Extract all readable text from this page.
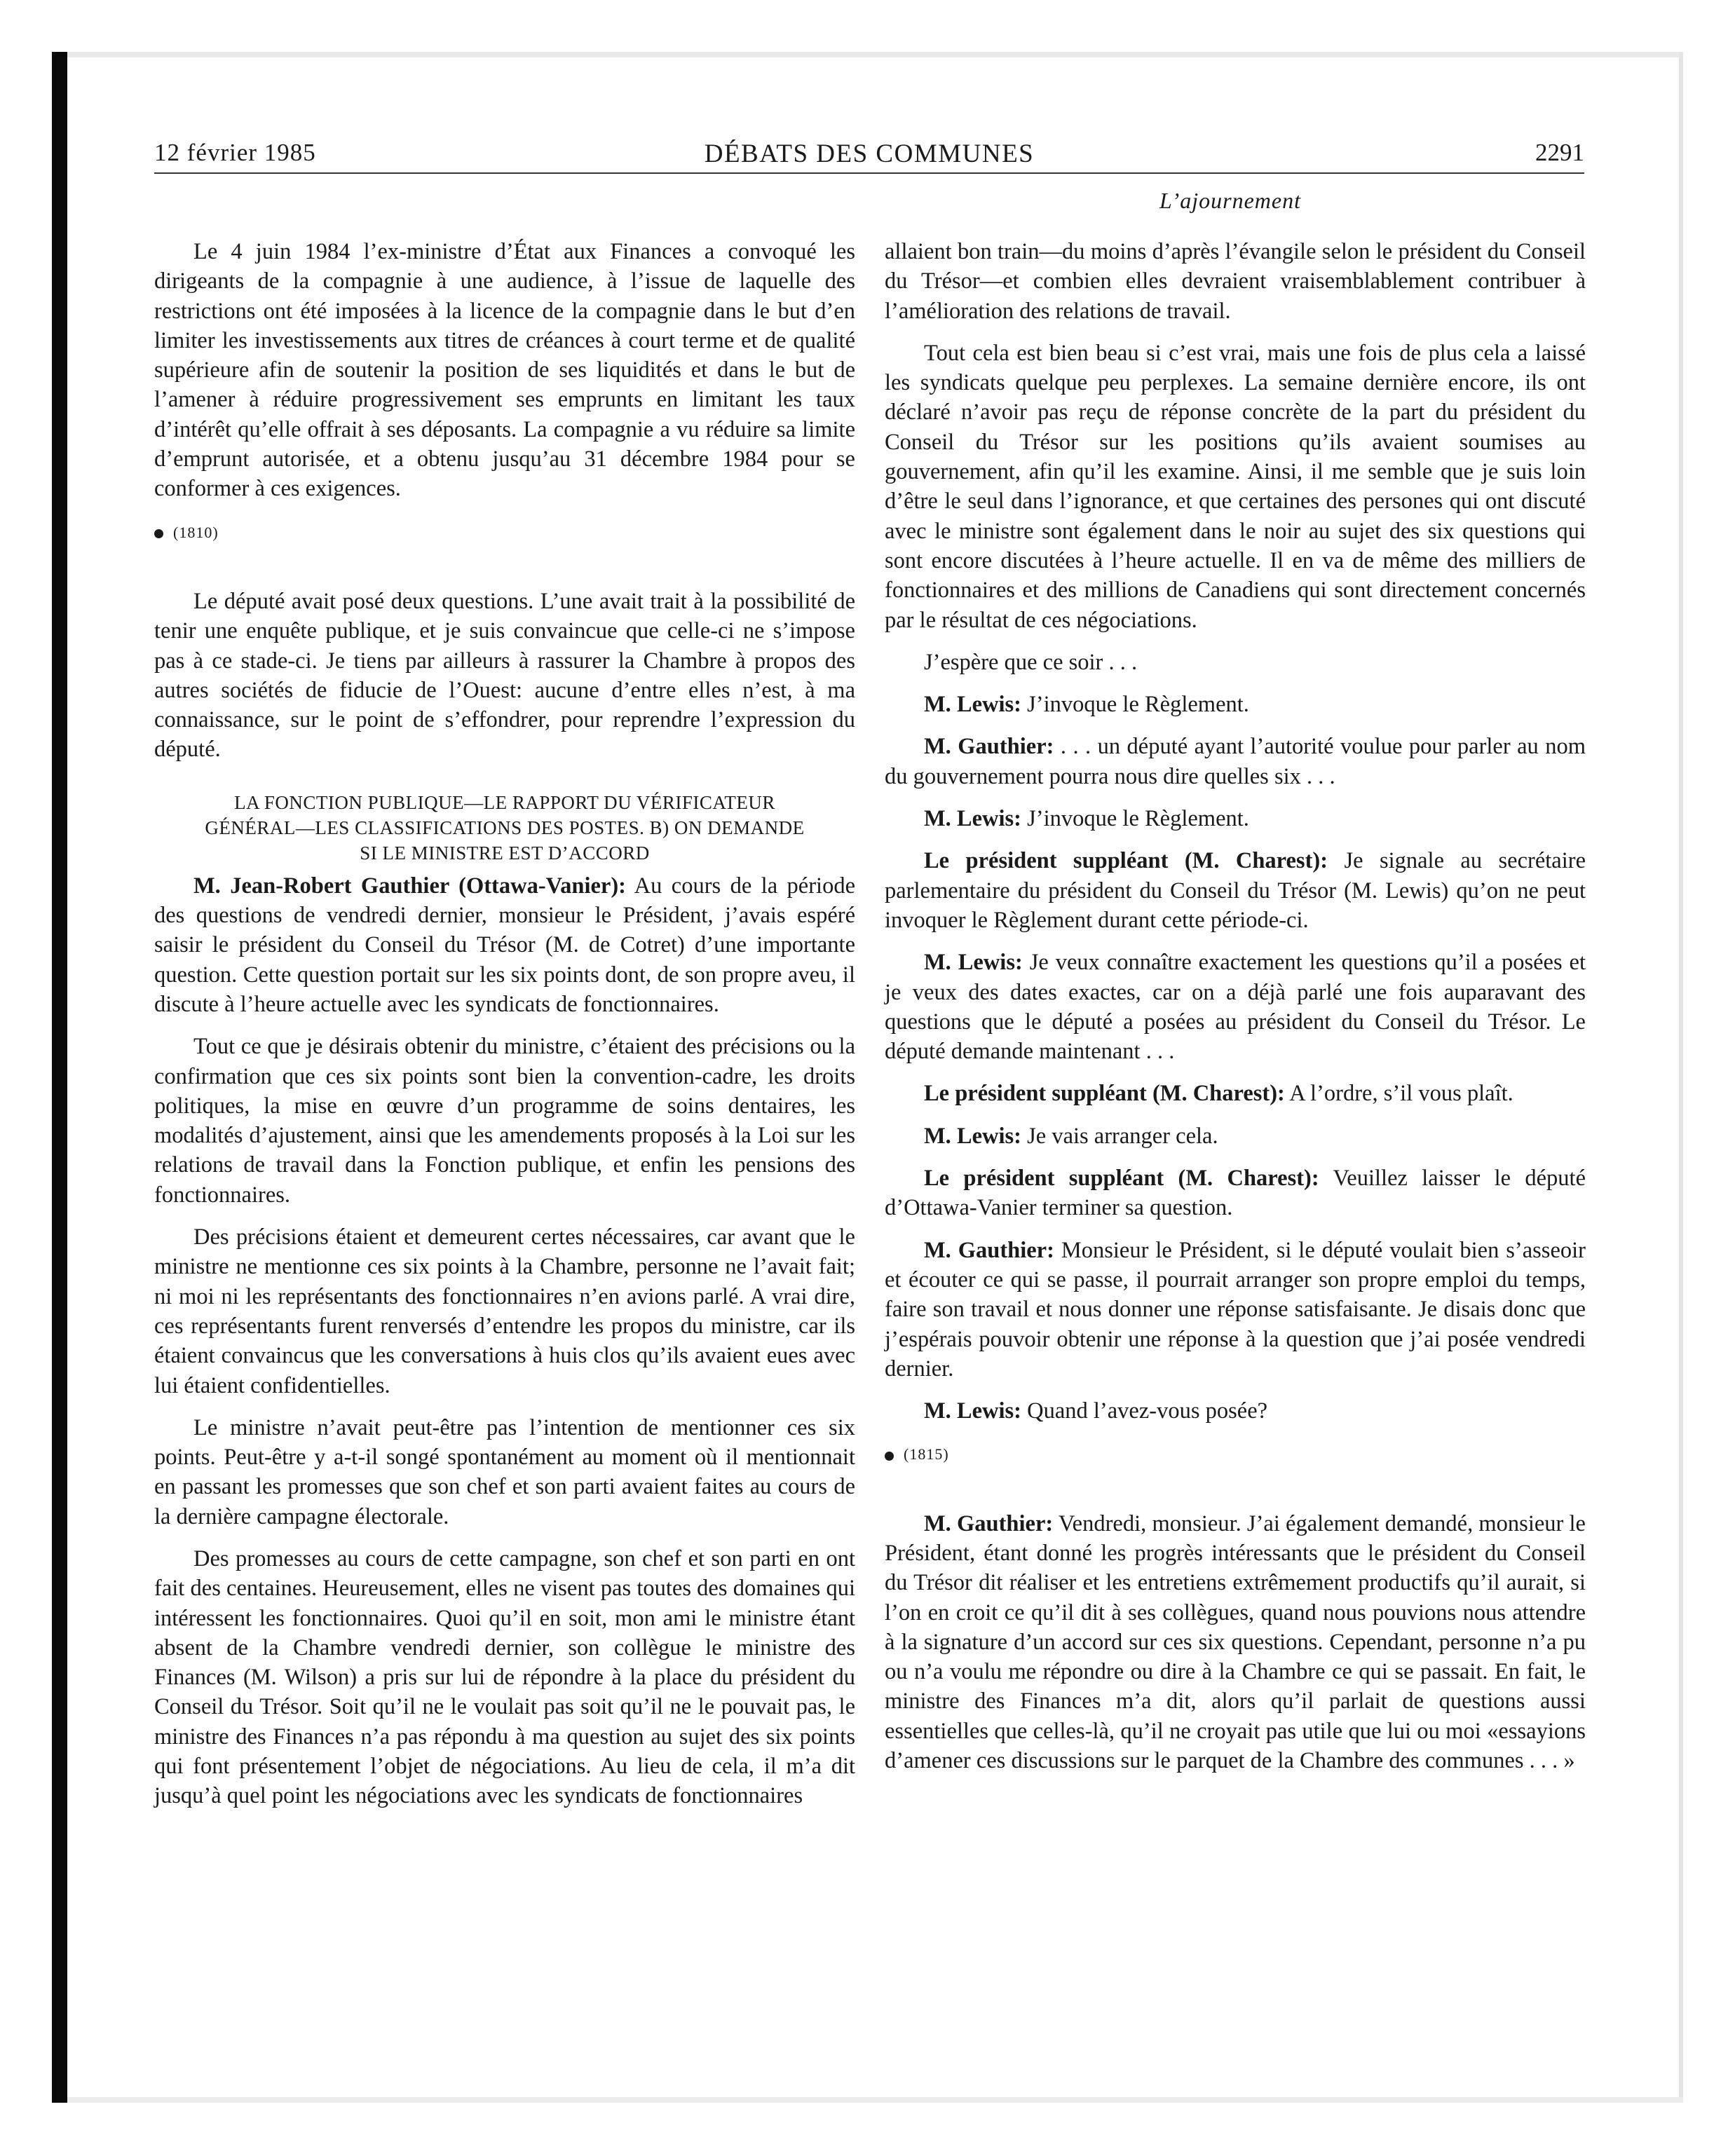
12 février 1985	DÉBATS DES COMMUNES	2291
L’ajournement

Le 4 juin 1984 l’ex-ministre d’État aux Finances a convoqué les dirigeants de la compagnie à une audience, à l’issue de laquelle des restrictions ont été imposées à la licence de la compagnie dans le but d’en limiter les investissements aux titres de créances à court terme et de qualité supérieure afin de soutenir la position de ses liquidités et dans le but de l’amener à réduire progressivement ses emprunts en limitant les taux d’intérêt qu’elle offrait à ses déposants. La compagnie a vu réduire sa limite d’emprunt autorisée, et a obtenu jusqu’au 31 décembre 1984 pour se conformer à ces exigences.

(1810)

Le député avait posé deux questions. L’une avait trait à la possibilité de tenir une enquête publique, et je suis convaincue que celle-ci ne s’impose pas à ce stade-ci. Je tiens par ailleurs à rassurer la Chambre à propos des autres sociétés de fiducie de l’Ouest: aucune d’entre elles n’est, à ma connaissance, sur le point de s’effondrer, pour reprendre l’expression du député.

LA FONCTION PUBLIQUE—LE RAPPORT DU VÉRIFICATEUR
GÉNÉRAL—LES CLASSIFICATIONS DES POSTES. B) ON DEMANDE
SI LE MINISTRE EST D’ACCORD

M. Jean-Robert Gauthier (Ottawa-Vanier): Au cours de la période des questions de vendredi dernier, monsieur le Président, j’avais espéré saisir le président du Conseil du Trésor (M. de Cotret) d’une importante question. Cette question portait sur les six points dont, de son propre aveu, il discute à l’heure actuelle avec les syndicats de fonctionnaires.

Tout ce que je désirais obtenir du ministre, c’étaient des précisions ou la confirmation que ces six points sont bien la convention-cadre, les droits politiques, la mise en œuvre d’un programme de soins dentaires, les modalités d’ajustement, ainsi que les amendements proposés à la Loi sur les relations de travail dans la Fonction publique, et enfin les pensions des fonctionnaires.

Des précisions étaient et demeurent certes nécessaires, car avant que le ministre ne mentionne ces six points à la Chambre, personne ne l’avait fait; ni moi ni les représentants des fonctionnaires n’en avions parlé. A vrai dire, ces représentants furent renversés d’entendre les propos du ministre, car ils étaient convaincus que les conversations à huis clos qu’ils avaient eues avec lui étaient confidentielles.

Le ministre n’avait peut-être pas l’intention de mentionner ces six points. Peut-être y a-t-il songé spontanément au moment où il mentionnait en passant les promesses que son chef et son parti avaient faites au cours de la dernière campagne électorale.

Des promesses au cours de cette campagne, son chef et son parti en ont fait des centaines. Heureusement, elles ne visent pas toutes des domaines qui intéressent les fonctionnaires. Quoi qu’il en soit, mon ami le ministre étant absent de la Chambre vendredi dernier, son collègue le ministre des Finances (M. Wilson) a pris sur lui de répondre à la place du président du Conseil du Trésor. Soit qu’il ne le voulait pas soit qu’il ne le pouvait pas, le ministre des Finances n’a pas répondu à ma question au sujet des six points qui font présentement l’objet de négociations. Au lieu de cela, il m’a dit jusqu’à quel point les négociations avec les syndicats de fonctionnaires

allaient bon train—du moins d’après l’évangile selon le président du Conseil du Trésor—et combien elles devraient vraisemblablement contribuer à l’amélioration des relations de travail.

Tout cela est bien beau si c’est vrai, mais une fois de plus cela a laissé les syndicats quelque peu perplexes. La semaine dernière encore, ils ont déclaré n’avoir pas reçu de réponse concrète de la part du président du Conseil du Trésor sur les positions qu’ils avaient soumises au gouvernement, afin qu’il les examine. Ainsi, il me semble que je suis loin d’être le seul dans l’ignorance, et que certaines des persones qui ont discuté avec le ministre sont également dans le noir au sujet des six questions qui sont encore discutées à l’heure actuelle. Il en va de même des milliers de fonctionnaires et des millions de Canadiens qui sont directement concernés par le résultat de ces négociations.

J’espère que ce soir . . .

M. Lewis: J’invoque le Règlement.

M. Gauthier: . . . un député ayant l’autorité voulue pour parler au nom du gouvernement pourra nous dire quelles six . . .

M. Lewis: J’invoque le Règlement.

Le président suppléant (M. Charest): Je signale au secrétaire parlementaire du président du Conseil du Trésor (M. Lewis) qu’on ne peut invoquer le Règlement durant cette période-ci.

M. Lewis: Je veux connaître exactement les questions qu’il a posées et je veux des dates exactes, car on a déjà parlé une fois auparavant des questions que le député a posées au président du Conseil du Trésor. Le député demande maintenant . . .

Le président suppléant (M. Charest): A l’ordre, s’il vous plaît.

M. Lewis: Je vais arranger cela.

Le président suppléant (M. Charest): Veuillez laisser le député d’Ottawa-Vanier terminer sa question.

M. Gauthier: Monsieur le Président, si le député voulait bien s’asseoir et écouter ce qui se passe, il pourrait arranger son propre emploi du temps, faire son travail et nous donner une réponse satisfaisante. Je disais donc que j’espérais pouvoir obtenir une réponse à la question que j’ai posée vendredi dernier.

M. Lewis: Quand l’avez-vous posée?

(1815)

M. Gauthier: Vendredi, monsieur. J’ai également demandé, monsieur le Président, étant donné les progrès intéressants que le président du Conseil du Trésor dit réaliser et les entretiens extrêmement productifs qu’il aurait, si l’on en croit ce qu’il dit à ses collègues, quand nous pouvions nous attendre à la signature d’un accord sur ces six questions. Cependant, personne n’a pu ou n’a voulu me répondre ou dire à la Chambre ce qui se passait. En fait, le ministre des Finances m’a dit, alors qu’il parlait de questions aussi essentielles que celles-là, qu’il ne croyait pas utile que lui ou moi «essayions d’amener ces discussions sur le parquet de la Chambre des communes . . . »
